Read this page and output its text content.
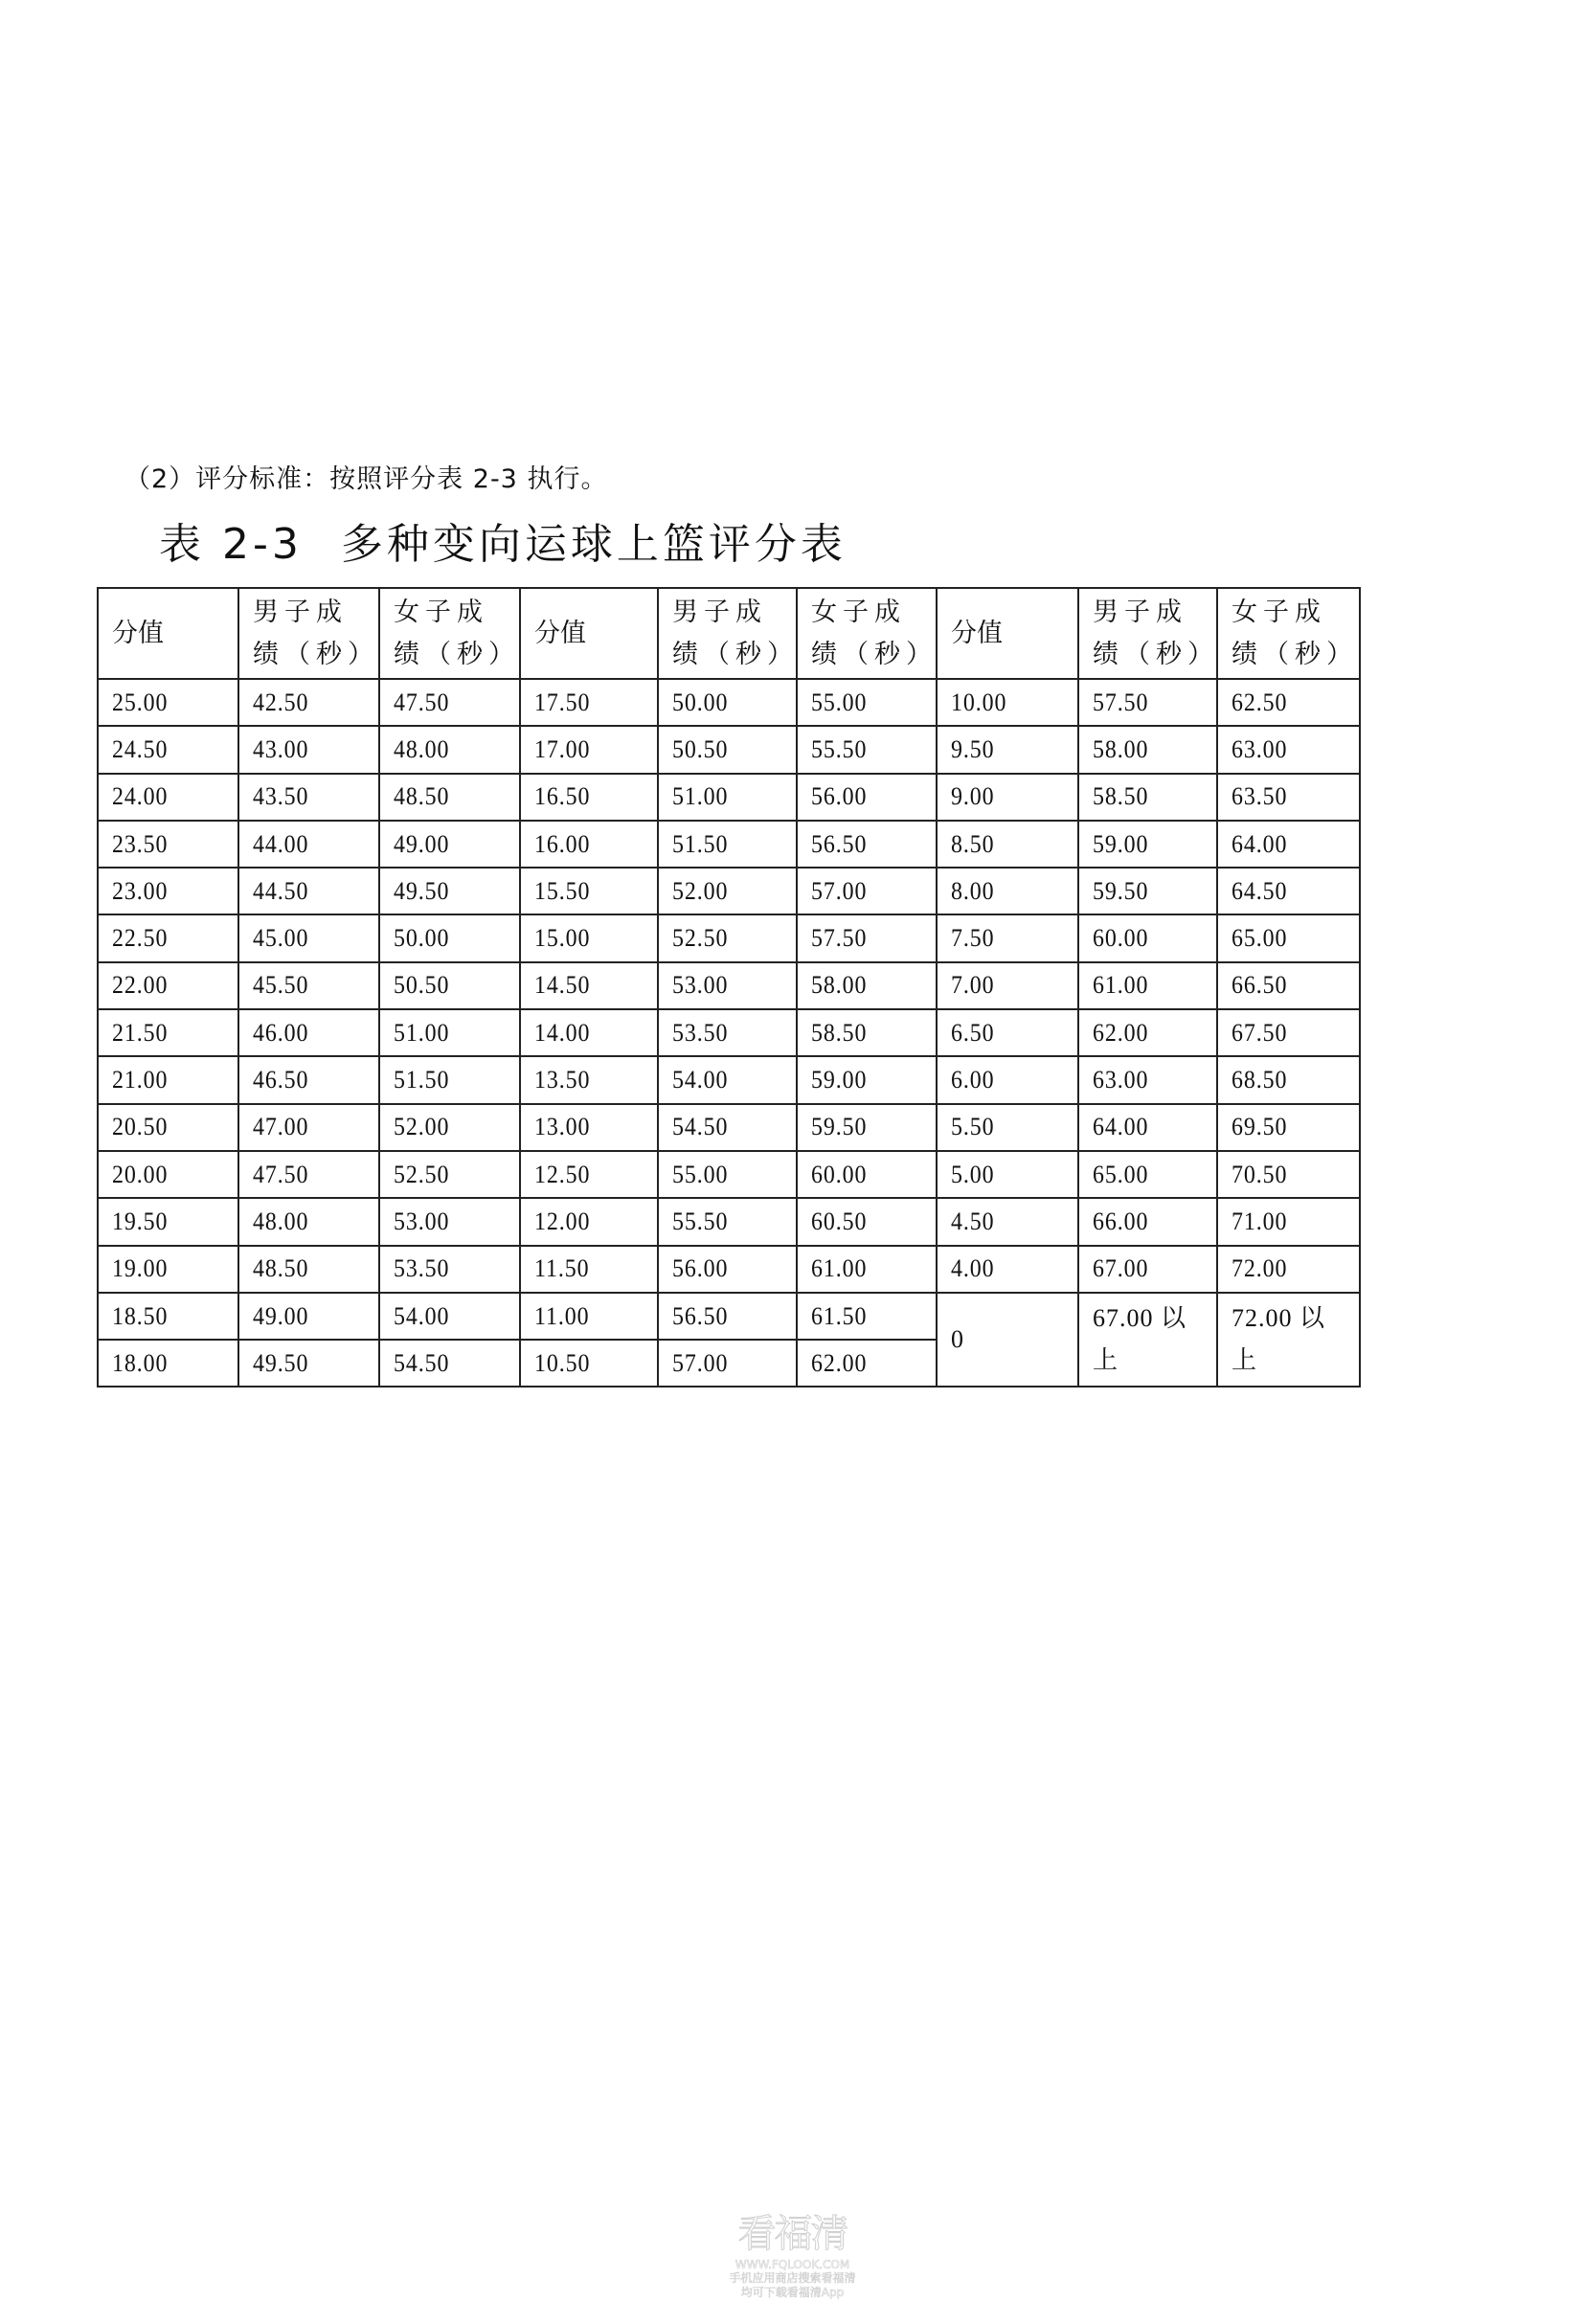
（2）评分标准：按照评分表 2-3 执行。
表 2-3 多种变向运球上篮评分表
分值	男子成绩（秒）	女子成绩（秒）	分值	男子成绩（秒）	女子成绩（秒）	分值	男子成绩（秒）	女子成绩（秒）
25.00	42.50	47.50	17.50	50.00	55.00	10.00	57.50	62.50
24.50	43.00	48.00	17.00	50.50	55.50	9.50	58.00	63.00
24.00	43.50	48.50	16.50	51.00	56.00	9.00	58.50	63.50
23.50	44.00	49.00	16.00	51.50	56.50	8.50	59.00	64.00
23.00	44.50	49.50	15.50	52.00	57.00	8.00	59.50	64.50
22.50	45.00	50.00	15.00	52.50	57.50	7.50	60.00	65.00
22.00	45.50	50.50	14.50	53.00	58.00	7.00	61.00	66.50
21.50	46.00	51.00	14.00	53.50	58.50	6.50	62.00	67.50
21.00	46.50	51.50	13.50	54.00	59.00	6.00	63.00	68.50
20.50	47.00	52.00	13.00	54.50	59.50	5.50	64.00	69.50
20.00	47.50	52.50	12.50	55.00	60.00	5.00	65.00	70.50
19.50	48.00	53.00	12.00	55.50	60.50	4.50	66.00	71.00
19.00	48.50	53.50	11.50	56.00	61.00	4.00	67.00	72.00
18.50	49.00	54.00	11.00	56.50	61.50	0	67.00 以上	72.00 以上
18.00	49.50	54.50	10.50	57.00	62.00			
看福清
WWW.FQLOOK.COM
手机应用商店搜索看福清
均可下载看福清App
